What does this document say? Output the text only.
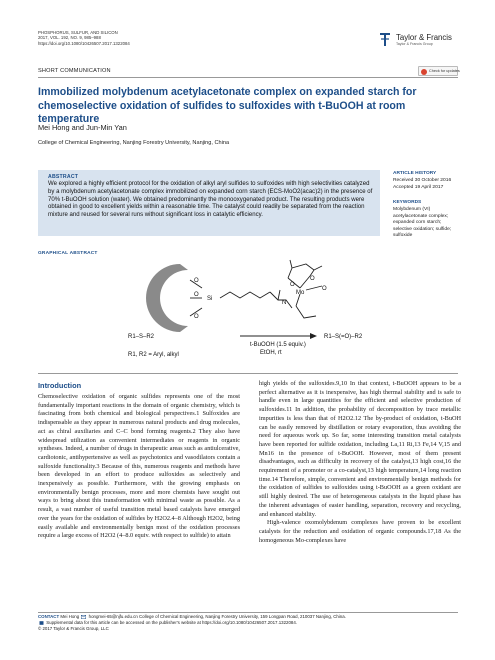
PHOSPHORUS, SULFUR, AND SILICON
2017, VOL. 192, NO. 9, 985–988
https://doi.org/10.1080/10426507.2017.1322084
Taylor & Francis
Taylor & Francis Group
SHORT COMMUNICATION	Check for updates
Immobilized molybdenum acetylacetonate complex on expanded starch for chemoselective oxidation of sulfides to sulfoxides with t-BuOOH at room temperature
Mei Hong and Jun-Min Yan
College of Chemical Engineering, Nanjing Forestry University, Nanjing, China
ABSTRACT
We explored a highly efficient protocol for the oxidation of alkyl aryl sulfides to sulfoxides with high selectivities catalyzed by a molybdenum acetylacetonate complex immobilized on expanded corn starch (ECS-MoO2(acac)2) in the presence of 70% t-BuOOH solution (water). We obtained predominantly the monooxygenated product. The resulting products were obtained in good to excellent yields within a reasonable time. The catalyst could readily be separated from the reaction mixture and reused for several runs without significant loss in catalytic efficiency.
ARTICLE HISTORY
Received 30 October 2016
Accepted 19 April 2017
KEYWORDS
Molybdenum (VI) acetylacetonate complex; expanded corn starch; selective oxidation; sulfide; sulfoxide
GRAPHICAL ABSTRACT
O
O
O
Si
O
O
Mo
O
N
R1–S–R2
t-BuOOH (1.5 equiv.)
EtOH, rt
R1, R2 = Aryl, alkyl
R1–S(=O)–R2
Introduction

Chemoselective oxidation of organic sulfides represents one of the most fundamentally important reactions in the domain of organic chemistry, which is fascinating from both chemical and biological perspectives.1 Sulfoxides are indispensable as they appear in numerous natural products and drug molecules, act as chiral auxiliaries and C–C bond forming reagents.2 They also have widespread utilization as convenient intermediates or reagents in organic syntheses. Indeed, a number of drugs in therapeutic areas such as antiulcerative, cardiotonic, antihypertensive as well as psychotonics and vasodilators contain a sulfoxide functionality.3 Because of this, numerous reagents and methods have been developed in an effort to produce sulfoxides as selectively and inexpensively as possible. Furthermore, with the growing emphasis on environmentally benign processes, more and more chemists have sought out ways to bring about this transformation with minimal waste as possible. As a result, a vast number of useful transition metal based catalysts have emerged over the years for the oxidation of sulfides by H2O2.4–8 Although H2O2, being easily available and environmentally benign most of the oxidation processes require a large excess of H2O2 (4–8.0 equiv. with respect to sulfide) to attain

high yields of the sulfoxides.9,10 In that context, t-BuOOH appears to be a perfect alternative as it is inexpensive, has high thermal stability and is safe to handle even in large quantities for the efficient and selective production of sulfoxides.11 In addition, the probability of decomposition by trace metallic impurities is less than that of H2O2.12 The by-product of oxidation, t-BuOH can be easily removed by distillation or rotary evaporation, thus avoiding the need for aqueous work up. So far, some interesting transition metal catalysts have been reported for sulfide oxidation, including La,11 Ri,13 Fe,14 V,15 and Mn16 in the presence of t-BuOOH. However, most of them present disadvantages, such as difficulty in recovery of the catalyst,13 high cost,16 the requirement of a promoter or a co-catalyst,13 high temperature,14 long reaction time.14 Therefore, simple, convenient and environmentally benign methods for the oxidation of sulfides to sulfoxides using t-BuOOH as a green oxidant are still highly desired. The use of heterogeneous catalysts in the liquid phase has the inherent advantages of easier handling, separation, recovery and recycling, and enhanced stability.

High-valence oxomolybdenum complexes have proven to be excellent catalysts for the reduction and oxidation of organic compounds.17,18 As the homogeneous Mo-complexes have

CONTACT Mei Hong hongmei-65@njfu.edu.cn College of Chemical Engineering, Nanjing Forestry University, 159 Longpan Road, 210037 Nanjing, China.
Supplemental data for this article can be accessed on the publisher's website at https://doi.org/10.1080/10426507.2017.1322084.
© 2017 Taylor & Francis Group, LLC
